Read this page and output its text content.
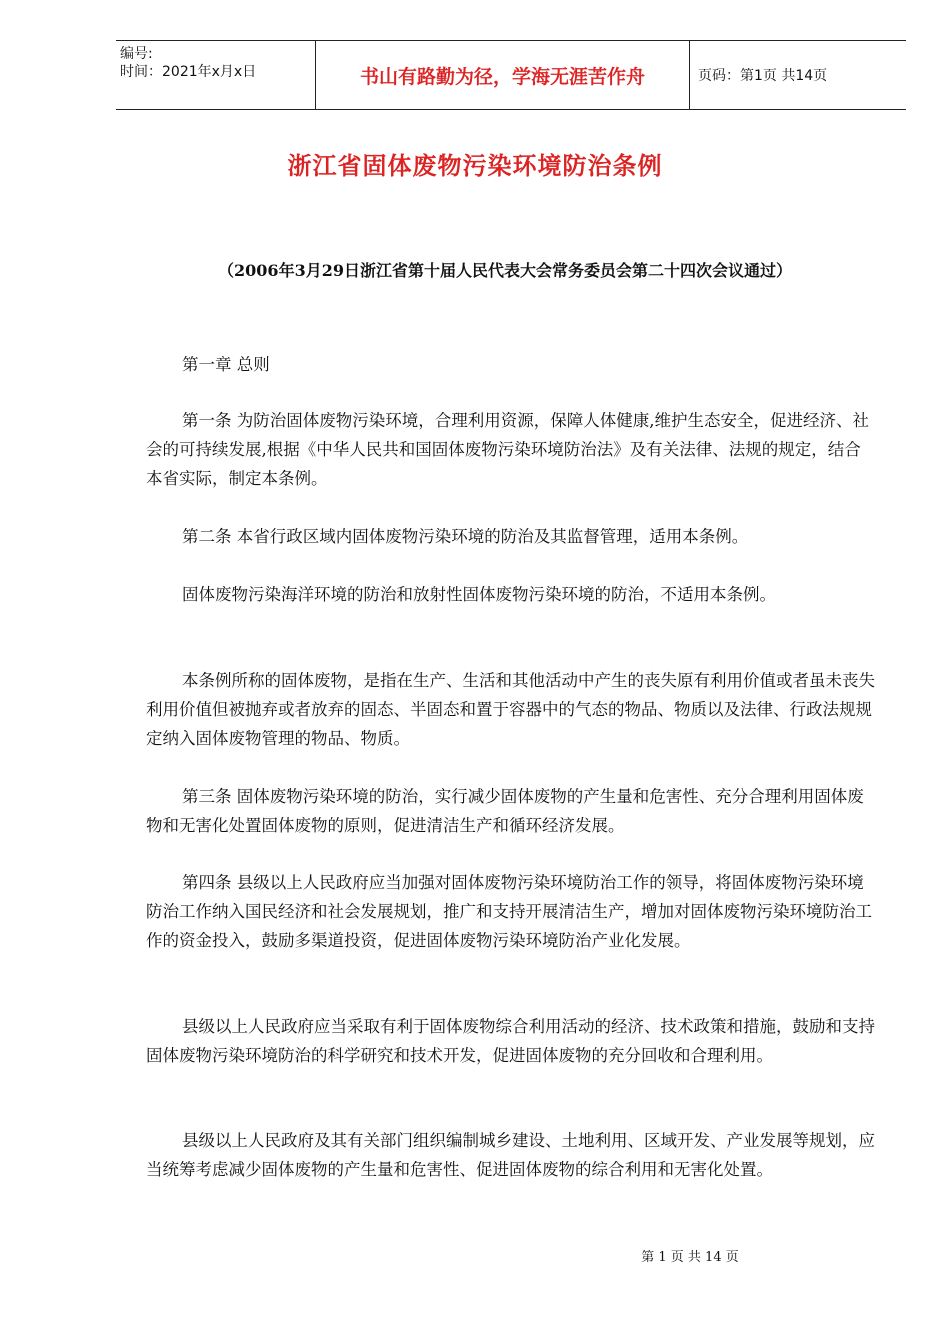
编号:
时间：2021年x月x日	书山有路勤为径，学海无涯苦作舟	页码：第1页 共14页
浙江省固体废物污染环境防治条例
（2006年3月29日浙江省第十届人民代表大会常务委员会第二十四次会议通过）

第一章 总则

第一条 为防治固体废物污染环境，合理利用资源，保障人体健康,维护生态安全，促进经济、社会的可持续发展,根据《中华人民共和国固体废物污染环境防治法》及有关法律、法规的规定，结合本省实际，制定本条例。

第二条 本省行政区域内固体废物污染环境的防治及其监督管理，适用本条例。

固体废物污染海洋环境的防治和放射性固体废物污染环境的防治，不适用本条例。

本条例所称的固体废物，是指在生产、生活和其他活动中产生的丧失原有利用价值或者虽未丧失利用价值但被抛弃或者放弃的固态、半固态和置于容器中的气态的物品、物质以及法律、行政法规规定纳入固体废物管理的物品、物质。

第三条 固体废物污染环境的防治，实行减少固体废物的产生量和危害性、充分合理利用固体废物和无害化处置固体废物的原则，促进清洁生产和循环经济发展。

第四条 县级以上人民政府应当加强对固体废物污染环境防治工作的领导，将固体废物污染环境防治工作纳入国民经济和社会发展规划，推广和支持开展清洁生产，增加对固体废物污染环境防治工作的资金投入，鼓励多渠道投资，促进固体废物污染环境防治产业化发展。

县级以上人民政府应当采取有利于固体废物综合利用活动的经济、技术政策和措施，鼓励和支持固体废物污染环境防治的科学研究和技术开发，促进固体废物的充分回收和合理利用。

县级以上人民政府及其有关部门组织编制城乡建设、土地利用、区域开发、产业发展等规划，应当统筹考虑减少固体废物的产生量和危害性、促进固体废物的综合利用和无害化处置。

第 1 页 共 14 页
